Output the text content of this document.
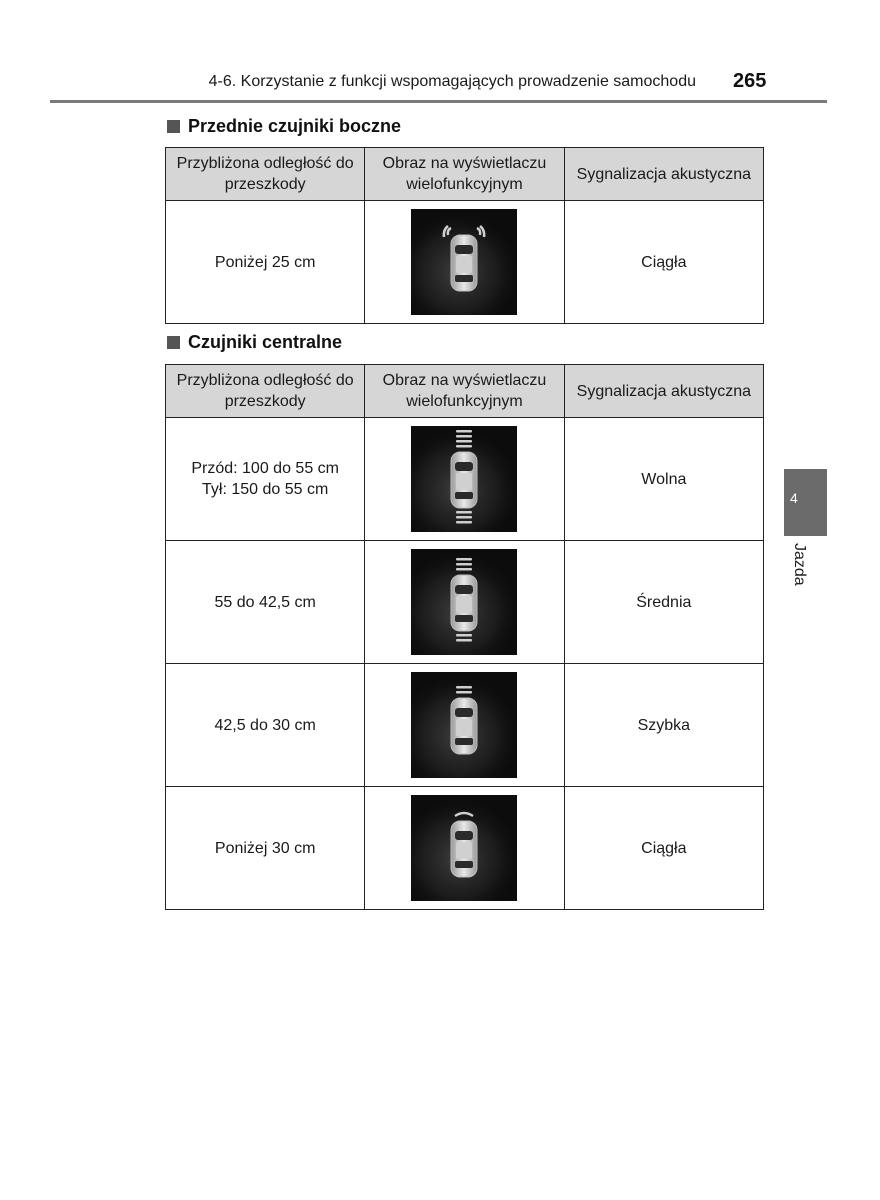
4-6. Korzystanie z funkcji wspomagających prowadzenie samochodu 265
Przednie czujniki boczne
Przybliżona odległość do przeszkody	Obraz na wyświetlaczu wielofunkcyjnym	Sygnalizacja akustyczna
Poniżej 25 cm		Ciągła
Czujniki centralne
Przybliżona odległość do przeszkody	Obraz na wyświetlaczu wielofunkcyjnym	Sygnalizacja akustyczna

Przód: 100 do 55 cm
Tył: 150 do 55 cm		Wolna
55 do 42,5 cm		Średnia
42,5 do 30 cm		Szybka
Poniżej 30 cm		Ciągła
4
Jazda
